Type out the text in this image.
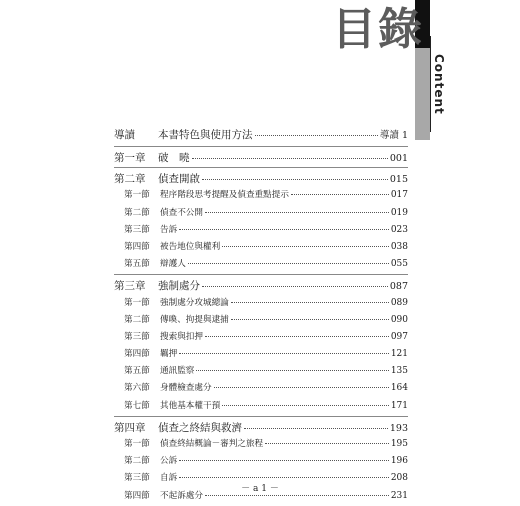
目錄
Content
導讀	本書特色與使用方法	導讀 1
第一章	破　曉	001
第二章	偵查開啟	015
第一節	程序階段思考提醒及偵查重點提示	017
第二節	偵查不公開	019
第三節	告訴	023
第四節	被告地位與權利	038
第五節	辯護人	055
第三章	強制處分	087
第一節	強制處分攻城總論	089
第二節	傳喚、拘提與逮捕	090
第三節	搜索與扣押	097
第四節	羈押	121
第五節	通訊監察	135
第六節	身體檢查處分	164
第七節	其他基本權干預	171
第四章	偵查之終結與救濟	193
第一節	偵查終結概論－審判之旅程	195
第二節	公訴	196
第三節	自訴	208
第四節	不起訴處分	231
－ a 1 －
